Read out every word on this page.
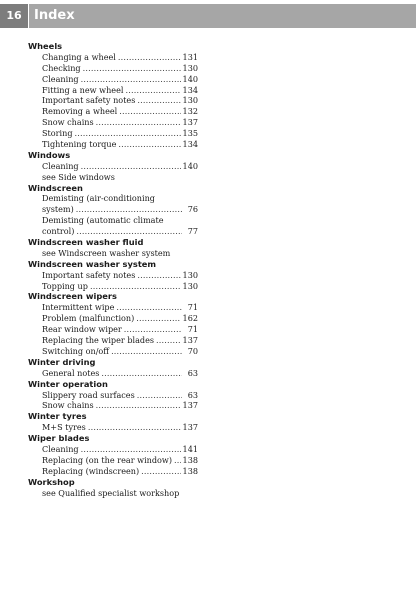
16 Index
Wheels
Changing a wheel . . .	131
Checking . . .	130
Cleaning . . .	140
Fitting a new wheel . . .	134
Important safety notes . . .	130
Removing a wheel . . .	132
Snow chains . . .	137
Storing . . .	135
Tightening torque . . .	134
Windows
Cleaning . . .	140
see Side windows
Windscreen
Demisting (air-conditioning
system) . . .	76
Demisting (automatic climate
control) . . .	77
Windscreen washer fluid
see Windscreen washer system
Windscreen washer system
Important safety notes . . .	130
Topping up . . .	130
Windscreen wipers
Intermittent wipe . . .	71
Problem (malfunction) . . .	162
Rear window wiper . . .	71
Replacing the wiper blades . . .	137
Switching on/off . . .	70
Winter driving
General notes . . .	63
Winter operation
Slippery road surfaces . . .	63
Snow chains . . .	137
Winter tyres
M+S tyres . . .	137
Wiper blades
Cleaning . . .	141
Replacing (on the rear window) . . . 138
Replacing (windscreen) . . .	138
Workshop
see Qualified specialist workshop
